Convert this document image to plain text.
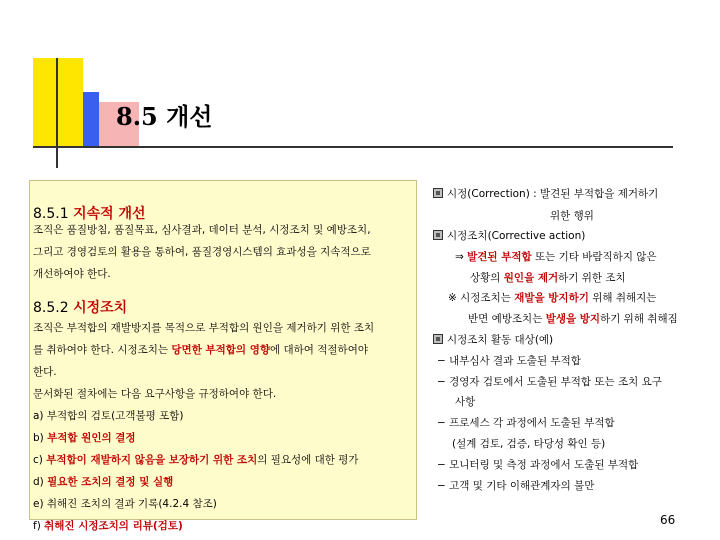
8.5 개선
8.5.1 지속적 개선
조직은 품질방침, 품질목표, 심사결과, 데이터 분석, 시정조치 및 예방조치,
그리고 경영검토의 활용을 통하여, 품질경영시스템의 효과성을 지속적으로
개선하여야 한다.
8.5.2 시정조치
조직은 부적합의 재발방지를 목적으로 부적합의 원인을 제거하기 위한 조치
를 취하여야 한다. 시정조치는 당면한 부적합의 영향에 대하여 적절하여야
한다.
문서화된 절차에는 다음 요구사항을 규정하여야 한다.
a) 부적합의 검토(고객불평 포함)
b) 부적합 원인의 결정
c) 부적합이 재발하지 않음을 보장하기 위한 조치의 필요성에 대한 평가
d) 필요한 조치의 결정 및 실행
e) 취해진 조치의 결과 기록(4.2.4 참조)
f) 취해진 시정조치의 리뷰(검토)
시정(Correction) : 발견된 부적합을 제거하기
위한 행위
시정조치(Corrective action)
⇒ 발견된 부적합 또는 기타 바람직하지 않은
상황의 원인을 제거하기 위한 조치
※ 시정조치는 재발을 방지하기 위해 취해지는
반면 예방조치는 발생을 방지하기 위해 취해짐
시정조치 활동 대상(예)
− 내부심사 결과 도출된 부적합
− 경영자 검토에서 도출된 부적합 또는 조치 요구
사항
− 프로세스 각 과정에서 도출된 부적합
(설계 검토, 검증, 타당성 확인 등)
− 모니터링 및 측정 과정에서 도출된 부적합
− 고객 및 기타 이해관계자의 불만
66
